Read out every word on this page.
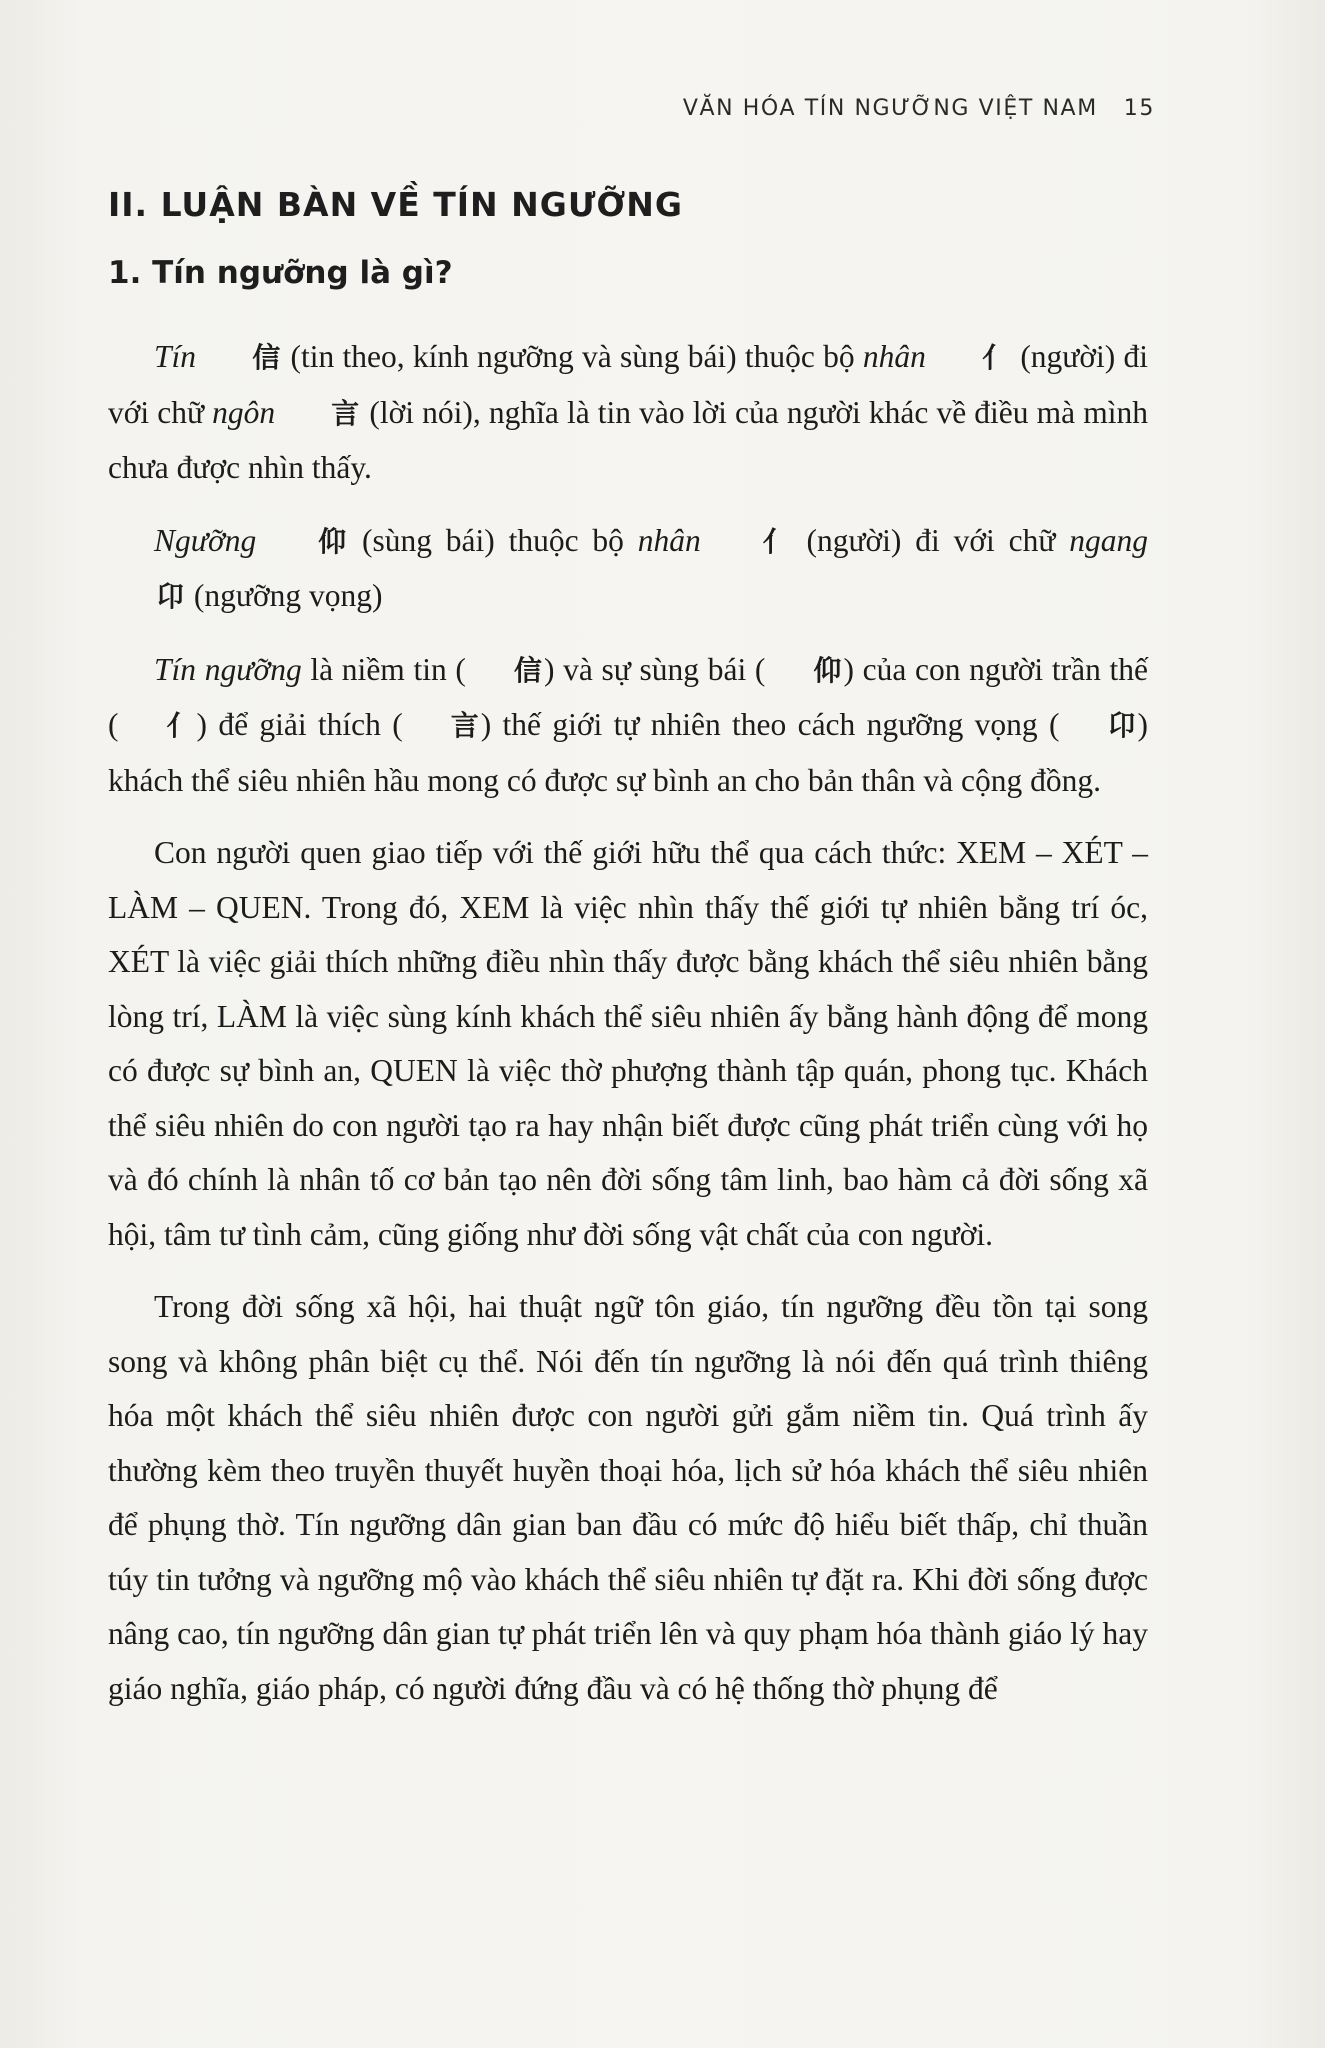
VĂN HÓA TÍN NGƯỠNG VIỆT NAM 15
II. LUẬN BÀN VỀ TÍN NGƯỠNG
1. Tín ngưỡng là gì?

Tín 信 (tin theo, kính ngưỡng và sùng bái) thuộc bộ nhân 亻 (người) đi với chữ ngôn 言 (lời nói), nghĩa là tin vào lời của người khác về điều mà mình chưa được nhìn thấy.

Ngưỡng 仰 (sùng bái) thuộc bộ nhân 亻 (người) đi với chữ ngang 卬 (ngưỡng vọng)

Tín ngưỡng là niềm tin ( 信) và sự sùng bái ( 仰) của con người trần thế ( 亻) để giải thích ( 言) thế giới tự nhiên theo cách ngưỡng vọng ( 卬) khách thể siêu nhiên hầu mong có được sự bình an cho bản thân và cộng đồng.

Con người quen giao tiếp với thế giới hữu thể qua cách thức: XEM – XÉT – LÀM – QUEN. Trong đó, XEM là việc nhìn thấy thế giới tự nhiên bằng trí óc, XÉT là việc giải thích những điều nhìn thấy được bằng khách thể siêu nhiên bằng lòng trí, LÀM là việc sùng kính khách thể siêu nhiên ấy bằng hành động để mong có được sự bình an, QUEN là việc thờ phượng thành tập quán, phong tục. Khách thể siêu nhiên do con người tạo ra hay nhận biết được cũng phát triển cùng với họ và đó chính là nhân tố cơ bản tạo nên đời sống tâm linh, bao hàm cả đời sống xã hội, tâm tư tình cảm, cũng giống như đời sống vật chất của con người.

Trong đời sống xã hội, hai thuật ngữ tôn giáo, tín ngưỡng đều tồn tại song song và không phân biệt cụ thể. Nói đến tín ngưỡng là nói đến quá trình thiêng hóa một khách thể siêu nhiên được con người gửi gắm niềm tin. Quá trình ấy thường kèm theo truyền thuyết huyền thoại hóa, lịch sử hóa khách thể siêu nhiên để phụng thờ. Tín ngưỡng dân gian ban đầu có mức độ hiểu biết thấp, chỉ thuần túy tin tưởng và ngưỡng mộ vào khách thể siêu nhiên tự đặt ra. Khi đời sống được nâng cao, tín ngưỡng dân gian tự phát triển lên và quy phạm hóa thành giáo lý hay giáo nghĩa, giáo pháp, có người đứng đầu và có hệ thống thờ phụng để
